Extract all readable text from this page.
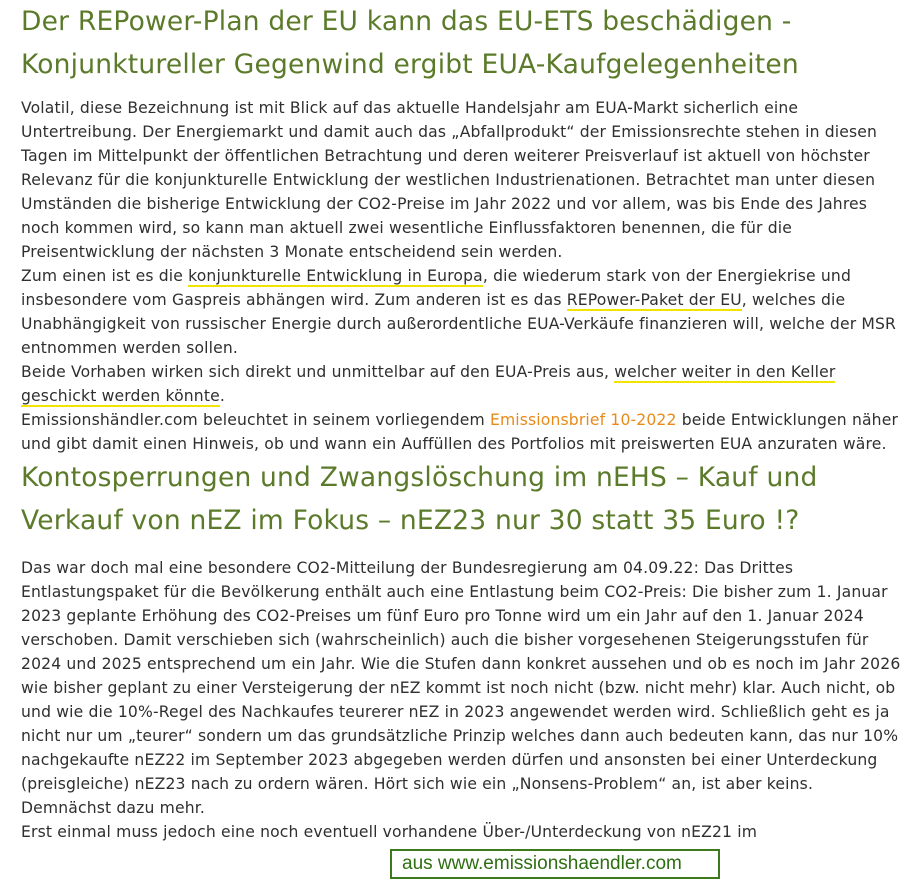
Der REPower-Plan der EU kann das EU-ETS beschädigen - Konjunktureller Gegenwind ergibt EUA-Kaufgelegenheiten

Volatil, diese Bezeichnung ist mit Blick auf das aktuelle Handelsjahr am EUA-Markt sicherlich eine Untertreibung. Der Energiemarkt und damit auch das „Abfallprodukt“ der Emissionsrechte stehen in diesen Tagen im Mittelpunkt der öffentlichen Betrachtung und deren weiterer Preisverlauf ist aktuell von höchster Relevanz für die konjunkturelle Entwicklung der westlichen Industrienationen. Betrachtet man unter diesen Umständen die bisherige Entwicklung der CO2-Preise im Jahr 2022 und vor allem, was bis Ende des Jahres noch kommen wird, so kann man aktuell zwei wesentliche Einflussfaktoren benennen, die für die Preisentwicklung der nächsten 3 Monate entscheidend sein werden.
Zum einen ist es die konjunkturelle Entwicklung in Europa, die wiederum stark von der Energiekrise und insbesondere vom Gaspreis abhängen wird. Zum anderen ist es das REPower-Paket der EU, welches die Unabhängigkeit von russischer Energie durch außerordentliche EUA-Verkäufe finanzieren will, welche der MSR entnommen werden sollen.
Beide Vorhaben wirken sich direkt und unmittelbar auf den EUA-Preis aus, welcher weiter in den Keller geschickt werden könnte.
Emissionshändler.com beleuchtet in seinem vorliegendem Emissionsbrief 10-2022 beide Entwicklungen näher und gibt damit einen Hinweis, ob und wann ein Auffüllen des Portfolios mit preiswerten EUA anzuraten wäre.

Kontosperrungen und Zwangslöschung im nEHS – Kauf und Verkauf von nEZ im Fokus – nEZ23 nur 30 statt 35 Euro !?

Das war doch mal eine besondere CO2-Mitteilung der Bundesregierung am 04.09.22: Das Drittes Entlastungspaket für die Bevölkerung enthält auch eine Entlastung beim CO2-Preis: Die bisher zum 1. Januar 2023 geplante Erhöhung des CO2-Preises um fünf Euro pro Tonne wird um ein Jahr auf den 1. Januar 2024 verschoben. Damit verschieben sich (wahrscheinlich) auch die bisher vorgesehenen Steigerungsstufen für 2024 und 2025 entsprechend um ein Jahr. Wie die Stufen dann konkret aussehen und ob es noch im Jahr 2026 wie bisher geplant zu einer Versteigerung der nEZ kommt ist noch nicht (bzw. nicht mehr) klar. Auch nicht, ob und wie die 10%-Regel des Nachkaufes teurerer nEZ in 2023 angewendet werden wird. Schließlich geht es ja nicht nur um „teurer“ sondern um das grundsätzliche Prinzip welches dann auch bedeuten kann, das nur 10% nachgekaufte nEZ22 im September 2023 abgegeben werden dürfen und ansonsten bei einer Unterdeckung (preisgleiche) nEZ23 nach zu ordern wären. Hört sich wie ein „Nonsens-Problem“ an, ist aber keins. Demnächst dazu mehr.
Erst einmal muss jedoch eine noch eventuell vorhandene Über-/Unterdeckung von nEZ21 im

aus www.emissionshaendler.com
